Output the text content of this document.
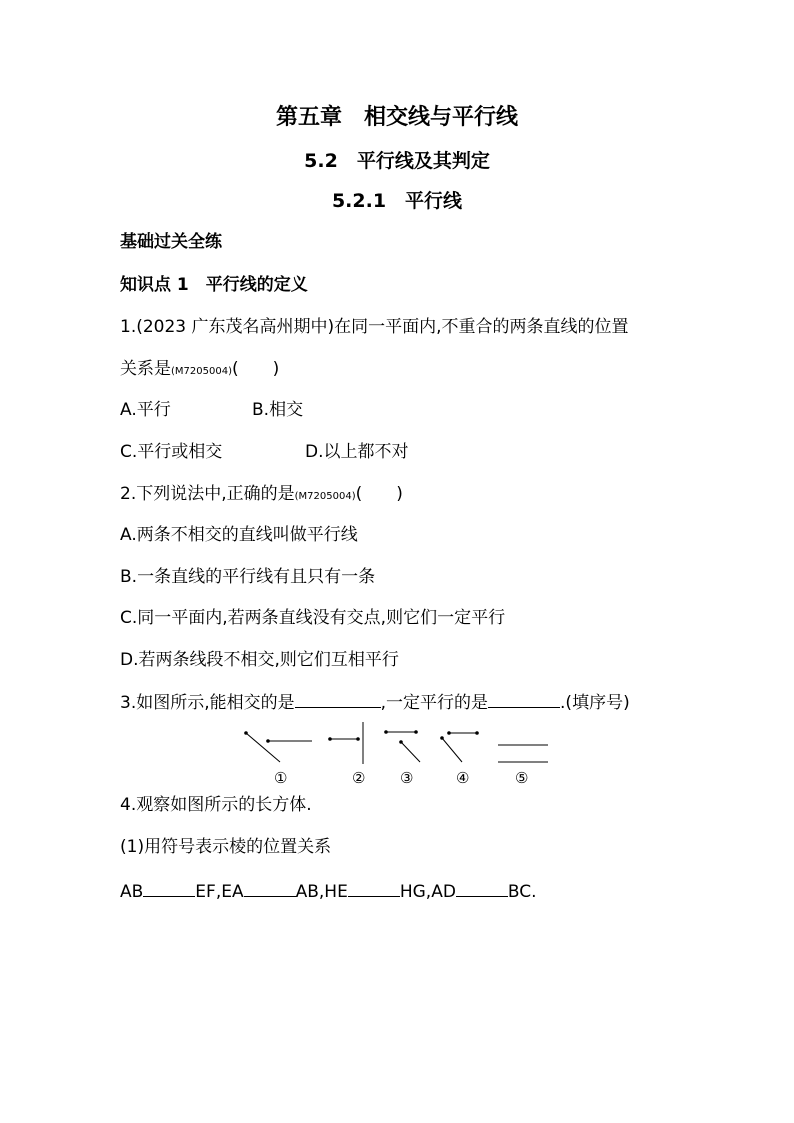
第五章　相交线与平行线
5.2　平行线及其判定
5.2.1　平行线
基础过关全练
知识点 1　平行线的定义
1.(2023 广东茂名高州期中)在同一平面内,不重合的两条直线的位置
关系是(M7205004)(　　)
A.平行	B.相交
C.平行或相交	D.以上都不对
2.下列说法中,正确的是(M7205004)(　　)
A.两条不相交的直线叫做平行线
B.一条直线的平行线有且只有一条
C.同一平面内,若两条直线没有交点,则它们一定平行
D.若两条线段不相交,则它们互相平行
3.如图所示,能相交的是	,一定平行的是	.(填序号)
①	② ③	④	⑤
4.观察如图所示的长方体.
(1)用符号表示棱的位置关系
AB	EF,EA	AB,HE	HG,AD	BC.
